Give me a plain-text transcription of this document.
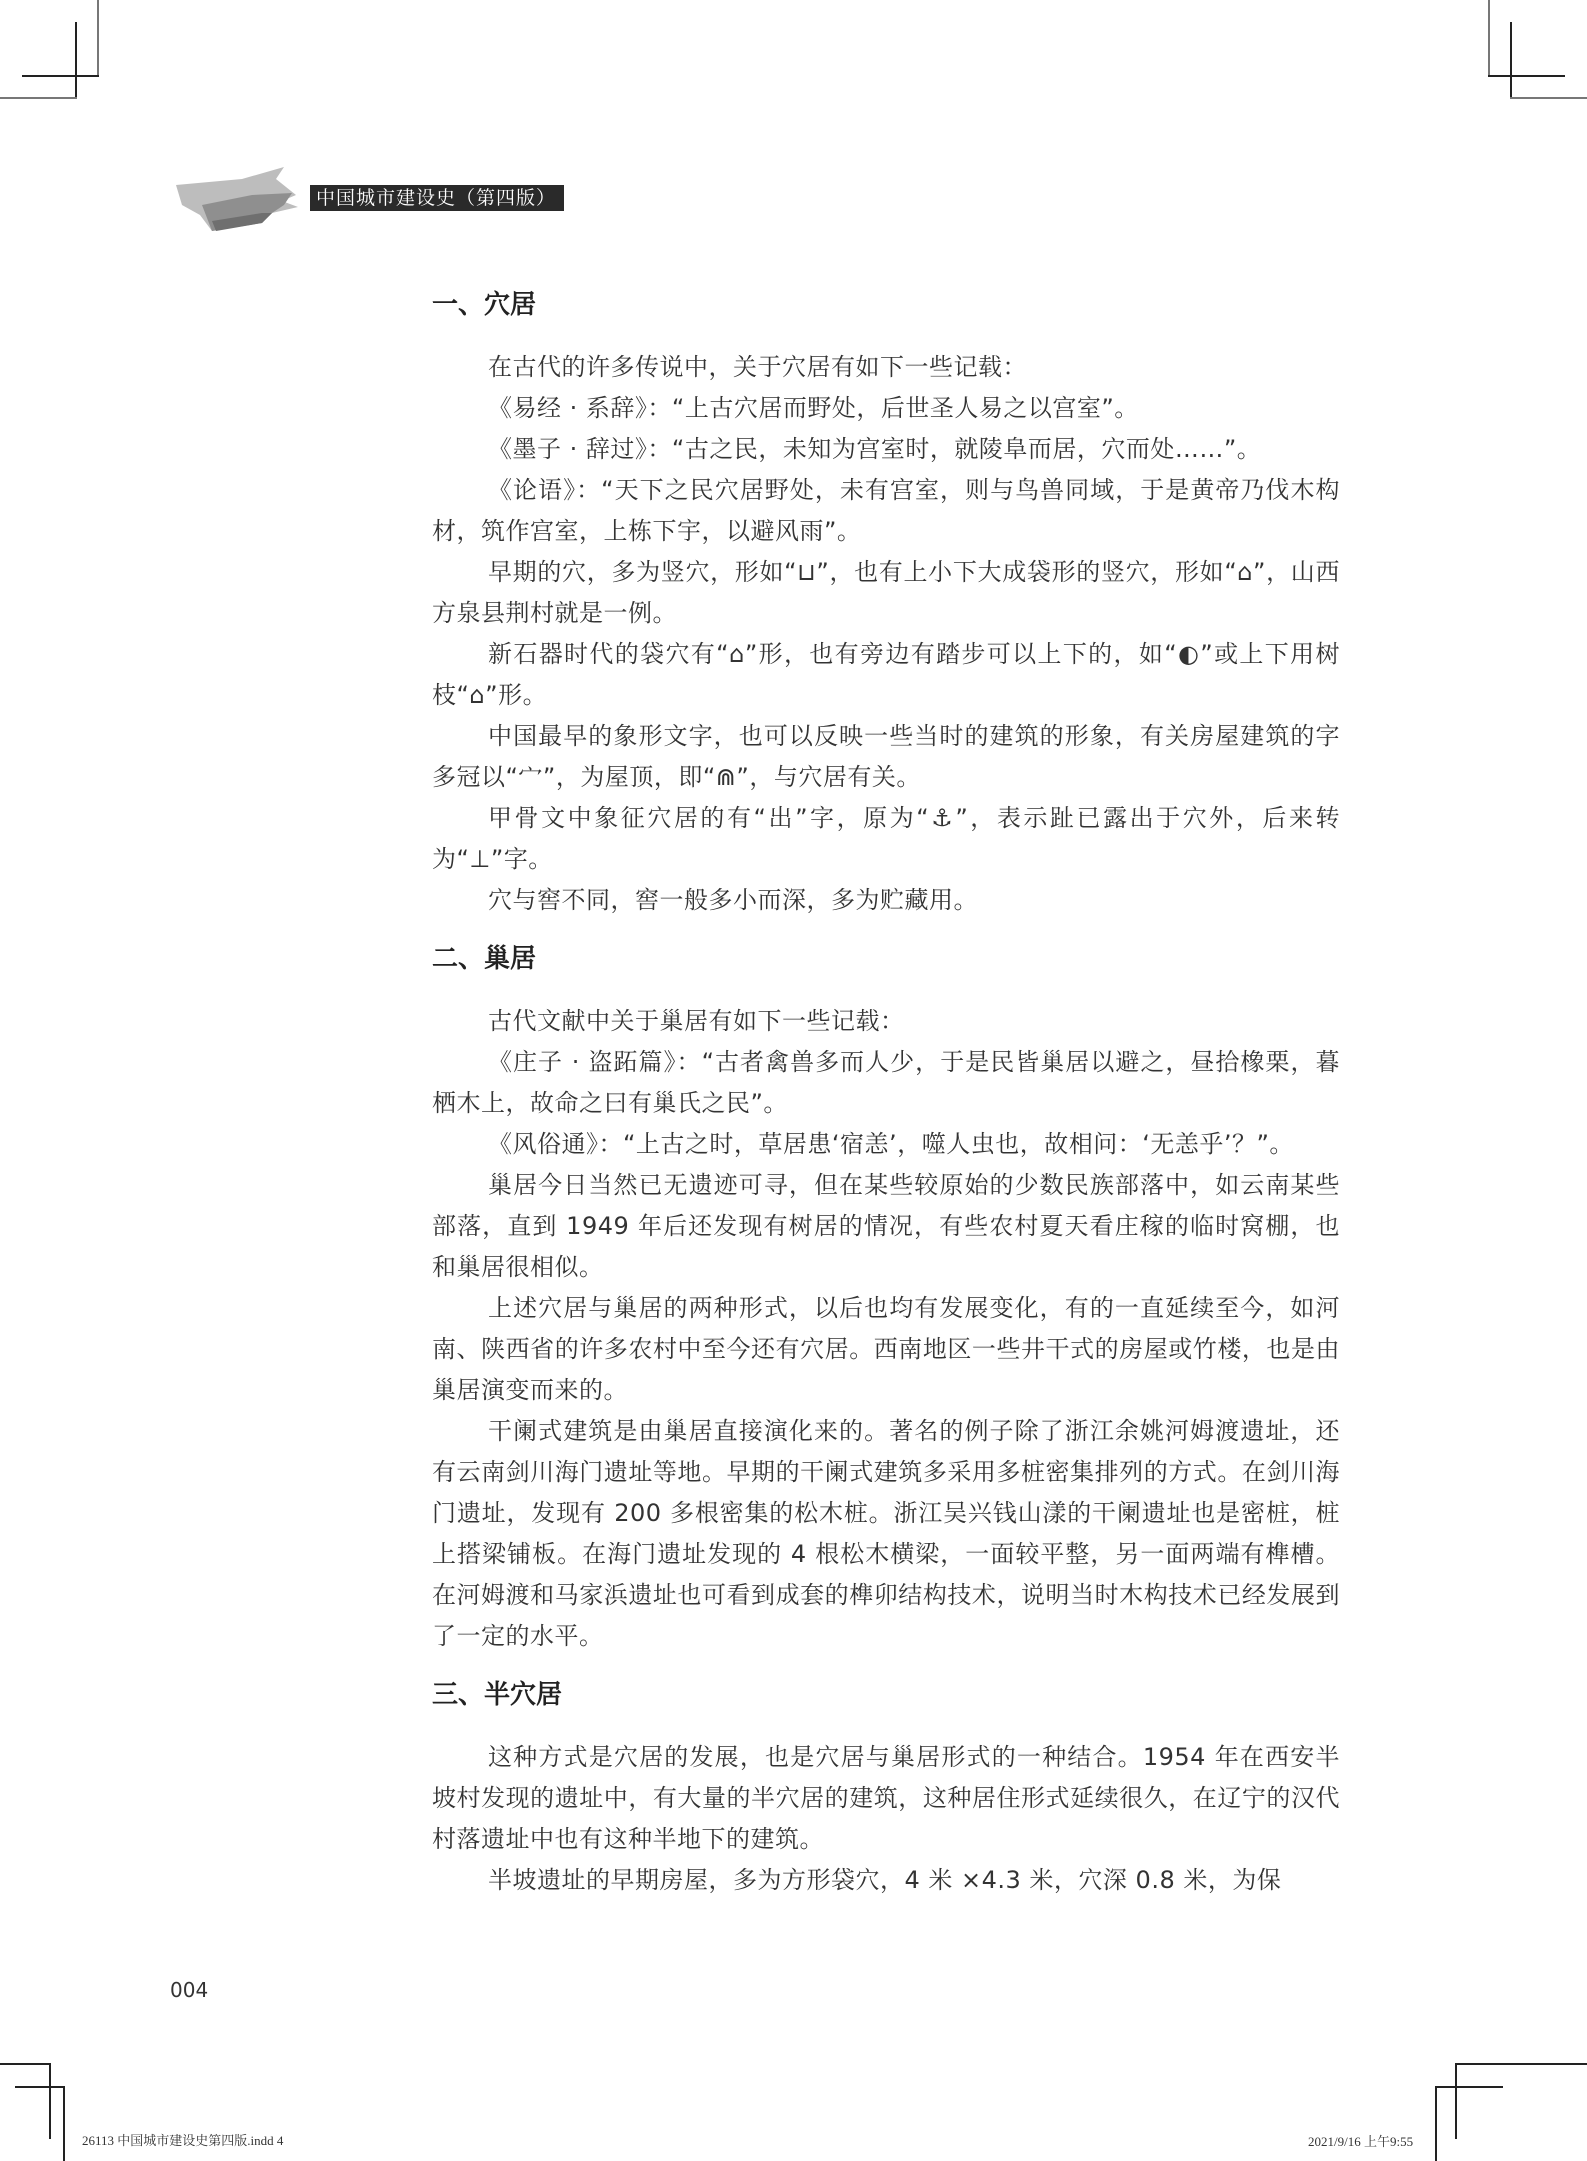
中国城市建设史（第四版）
一、穴居

在古代的许多传说中，关于穴居有如下一些记载：

《易经 · 系辞》：“上古穴居而野处，后世圣人易之以宫室”。

《墨子 · 辞过》：“古之民，未知为宫室时，就陵阜而居，穴而处……”。

《论语》：“天下之民穴居野处，未有宫室，则与鸟兽同域，于是黄帝乃伐木构材，筑作宫室，上栋下宇，以避风雨”。

早期的穴，多为竖穴，形如“⊔”，也有上小下大成袋形的竖穴，形如“⌂”，山西方泉县荆村就是一例。

新石器时代的袋穴有“⌂”形，也有旁边有踏步可以上下的，如“◐”或上下用树枝“⌂”形。

中国最早的象形文字，也可以反映一些当时的建筑的形象，有关房屋建筑的字多冠以“宀”，为屋顶，即“⋒”，与穴居有关。

甲骨文中象征穴居的有“出”字，原为“⚓”，表示趾已露出于穴外，后来转为“⊥”字。

穴与窖不同，窖一般多小而深，多为贮藏用。

二、巢居

古代文献中关于巢居有如下一些记载：

《庄子 · 盗跖篇》：“古者禽兽多而人少，于是民皆巢居以避之，昼拾橡栗，暮栖木上，故命之曰有巢氏之民”。

《风俗通》：“上古之时，草居患‘宿恙’，噬人虫也，故相问：‘无恙乎’？”。

巢居今日当然已无遗迹可寻，但在某些较原始的少数民族部落中，如云南某些部落，直到 1949 年后还发现有树居的情况，有些农村夏天看庄稼的临时窝棚，也和巢居很相似。

上述穴居与巢居的两种形式，以后也均有发展变化，有的一直延续至今，如河南、陕西省的许多农村中至今还有穴居。西南地区一些井干式的房屋或竹楼，也是由巢居演变而来的。

干阑式建筑是由巢居直接演化来的。著名的例子除了浙江余姚河姆渡遗址，还有云南剑川海门遗址等地。早期的干阑式建筑多采用多桩密集排列的方式。在剑川海门遗址，发现有 200 多根密集的松木桩。浙江吴兴钱山漾的干阑遗址也是密桩，桩上搭梁铺板。在海门遗址发现的 4 根松木横梁，一面较平整，另一面两端有榫槽。在河姆渡和马家浜遗址也可看到成套的榫卯结构技术，说明当时木构技术已经发展到了一定的水平。

三、半穴居

这种方式是穴居的发展，也是穴居与巢居形式的一种结合。1954 年在西安半坡村发现的遗址中，有大量的半穴居的建筑，这种居住形式延续很久，在辽宁的汉代村落遗址中也有这种半地下的建筑。

半坡遗址的早期房屋，多为方形袋穴，4 米 ×4.3 米，穴深 0.8 米，为保

004
26113 中国城市建设史第四版.indd 4	2021/9/16 上午9:55
